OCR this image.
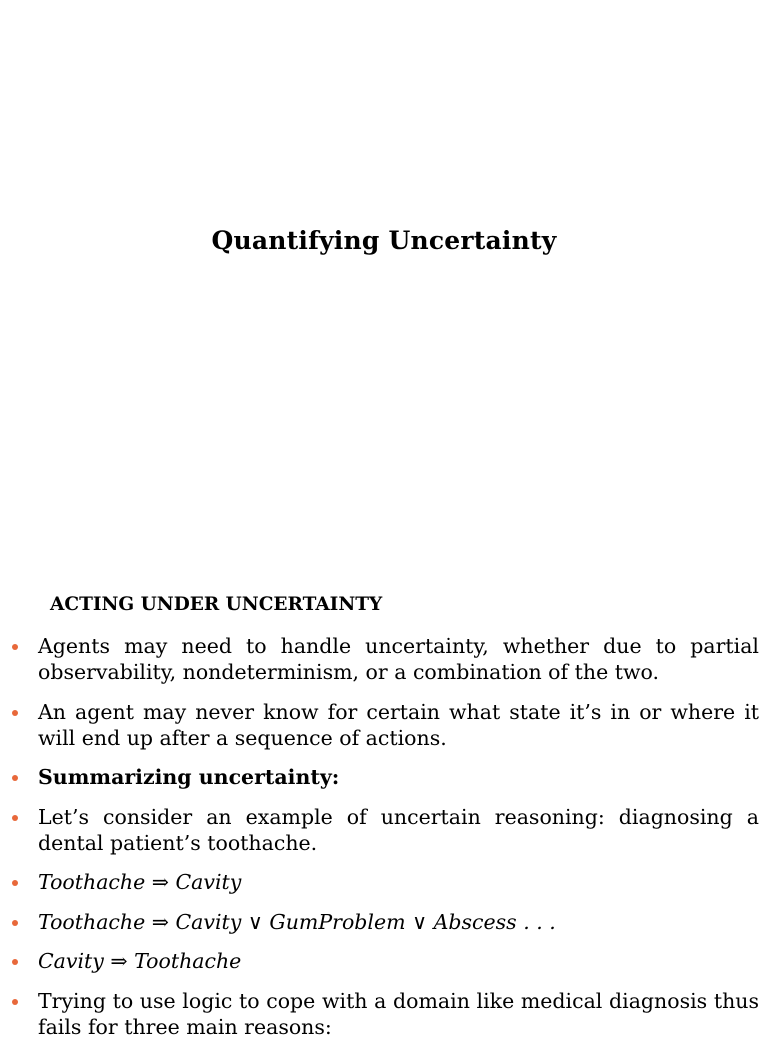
Quantifying Uncertainty
ACTING UNDER UNCERTAINTY
Agents may need to handle uncertainty, whether due to partial observability, nondeterminism, or a combination of the two.
An agent may never know for certain what state it’s in or where it will end up after a sequence of actions.
Summarizing uncertainty:
Let’s consider an example of uncertain reasoning: diagnosing a dental patient’s toothache.
Toothache ⇒ Cavity
Toothache ⇒ Cavity ∨ GumProblem ∨ Abscess . . .
Cavity ⇒ Toothache
Trying to use logic to cope with a domain like medical diagnosis thus fails for three main reasons:
